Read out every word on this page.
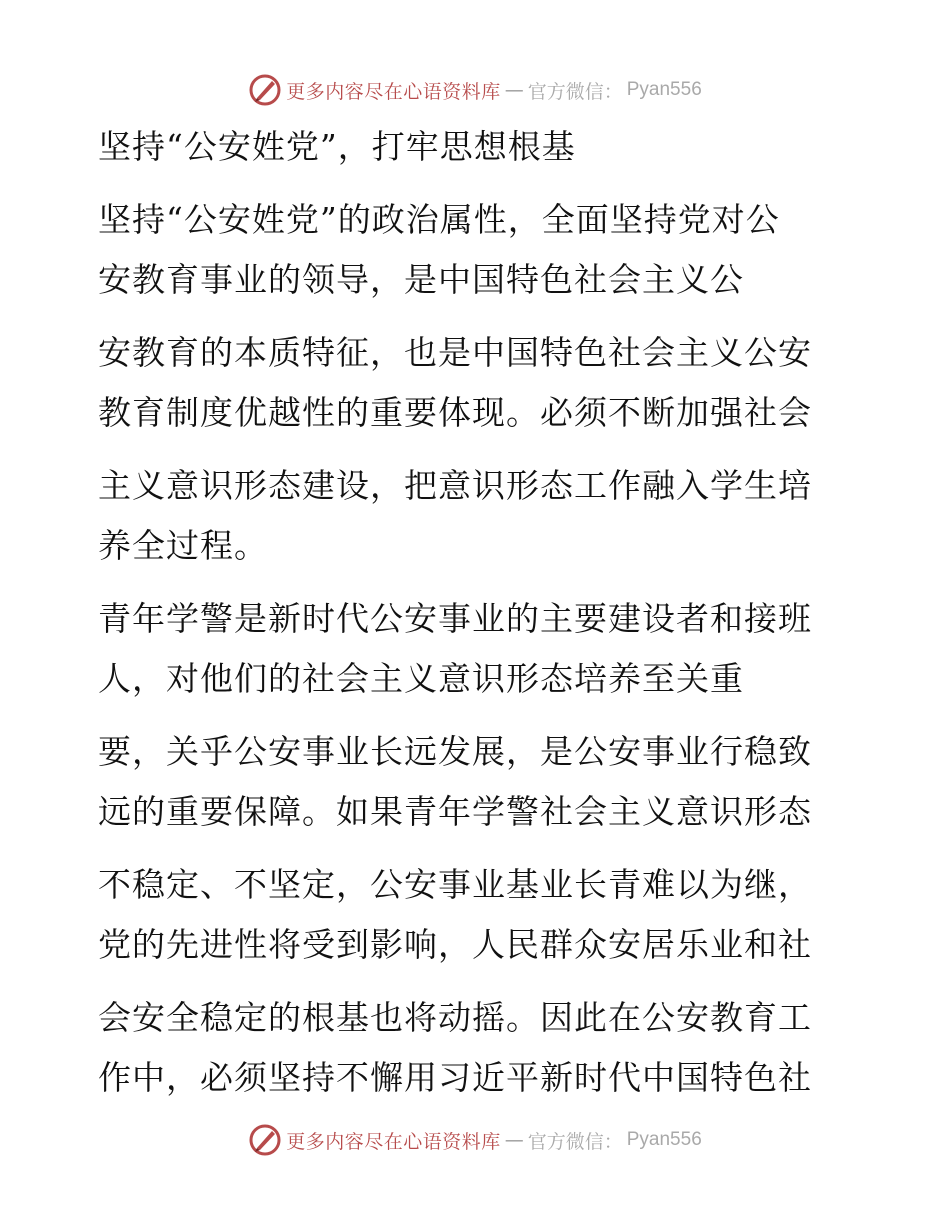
更多内容尽在心语资料库 — 官方微信： Pyan556
坚持“公安姓党”，打牢思想根基
坚持“公安姓党”的政治属性，全面坚持党对公
安教育事业的领导，是中国特色社会主义公
安教育的本质特征，也是中国特色社会主义公安
教育制度优越性的重要体现。必须不断加强社会
主义意识形态建设，把意识形态工作融入学生培
养全过程。
青年学警是新时代公安事业的主要建设者和接班
人，对他们的社会主义意识形态培养至关重
要，关乎公安事业长远发展，是公安事业行稳致
远的重要保障。如果青年学警社会主义意识形态
不稳定、不坚定，公安事业基业长青难以为继，
党的先进性将受到影响，人民群众安居乐业和社
会安全稳定的根基也将动摇。因此在公安教育工
作中，必须坚持不懈用习近平新时代中国特色社
更多内容尽在心语资料库 — 官方微信： Pyan556
